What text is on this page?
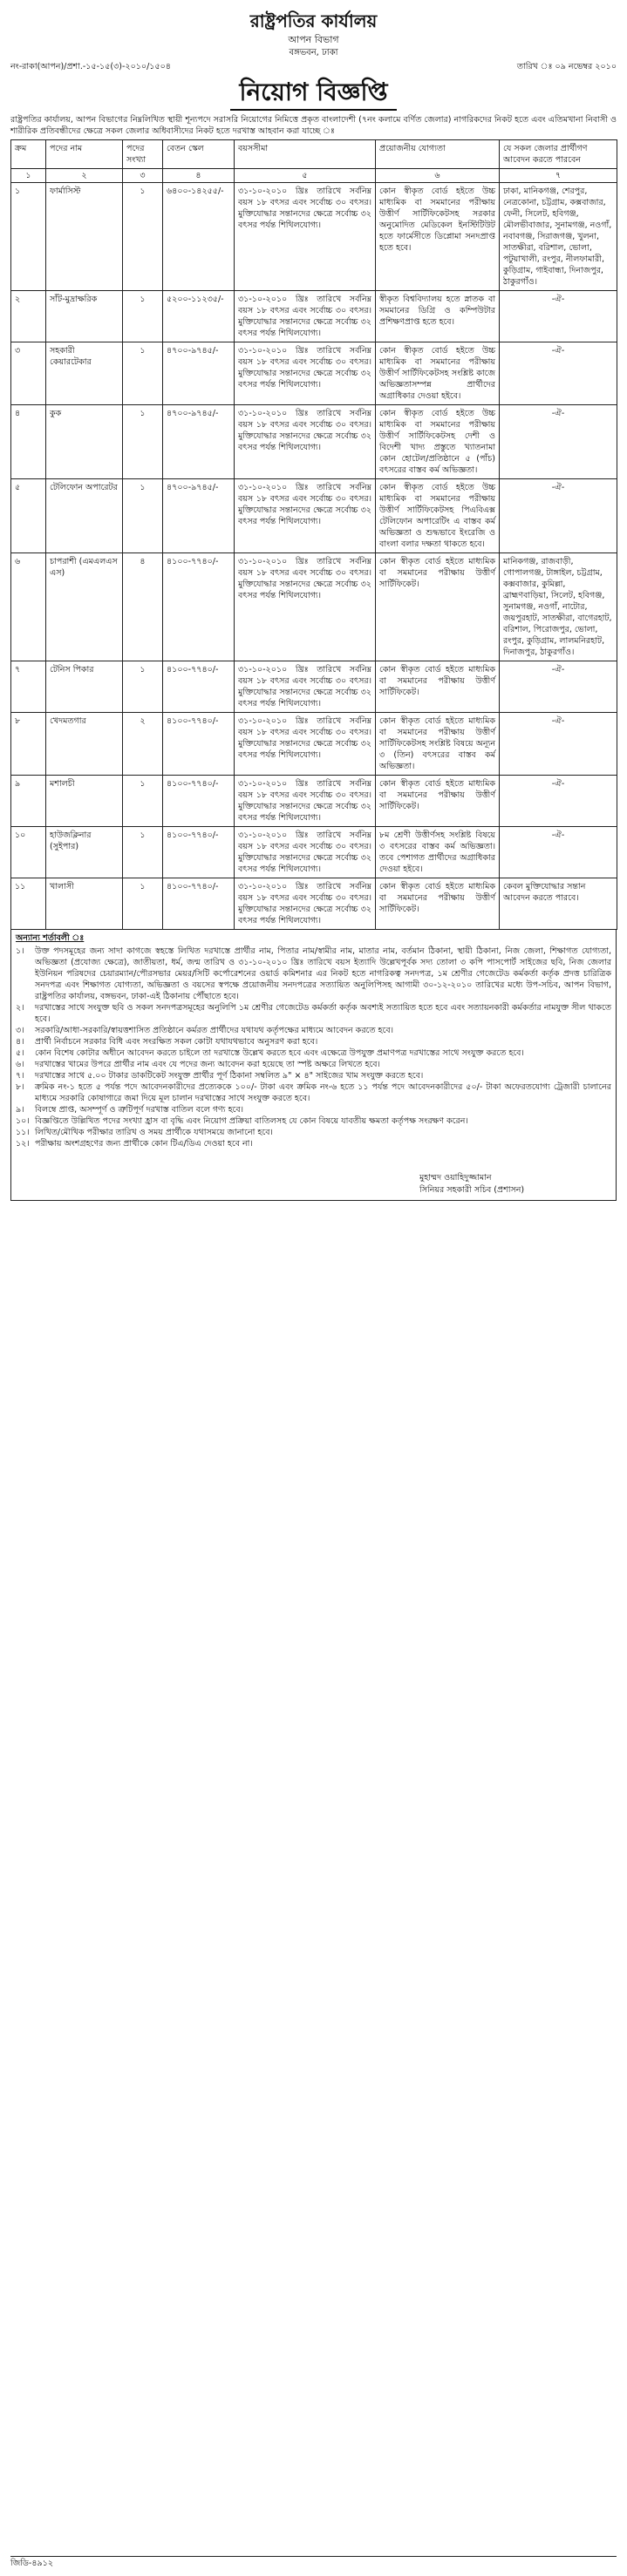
রাষ্ট্রপতির কার্যালয়
আপন বিভাগ
বঙ্গভবন, ঢাকা
নং-রাকা(আপন)/প্রশা.-১৫-১৫(৩)-২০১০/১৫০৪	তারিখ ঃ ০৯ নভেম্বর ২০১০
নিয়োগ বিজ্ঞপ্তি
রাষ্ট্রপতির কার্যালয়, আপন বিভাগের নিম্নলিখিত স্থায়ী শূন্যপদে সরাসরি নিয়োগের নিমিত্তে প্রকৃত বাংলাদেশী (৭নং কলামে বর্ণিত জেলার) নাগরিকদের নিকট হতে এবং এতিমখানা নিবাসী ও শারীরিক প্রতিবন্ধীদের ক্ষেত্রে সকল জেলার অধিবাসীদের নিকট হতে দরখাস্ত আহবান করা যাচ্ছে ঃ
ক্রম	পদের নাম	পদের সংখ্যা	বেতন স্কেল	বয়সসীমা	প্রয়োজনীয় যোগ্যতা	যে সকল জেলার প্রার্থীগণ আবেদন করতে পারবেন
১	২	৩	৪	৫	৬	৭
১	ফার্মাসিস্ট	১	৬৪০০-১৪২৫৫/-	৩১-১০-২০১০ খ্রিঃ তারিখে সর্বনিম্ন বয়স ১৮ বৎসর এবং সর্বোচ্চ ৩০ বৎসর। মুক্তিযোদ্ধার সন্তানদের ক্ষেত্রে সর্বোচ্চ ৩২ বৎসর পর্যন্ত শিথিলযোগ্য।	কোন স্বীকৃত বোর্ড হইতে উচ্চ মাধ্যমিক বা সমমানের পরীক্ষায় উত্তীর্ণ সার্টিফিকেটসহ সরকার অনুমোদিত মেডিকেল ইনস্টিটিউট হতে ফার্মেসীতে ডিপ্লোমা সনদপ্রাপ্ত হতে হবে।	ঢাকা, মানিকগঞ্জ, শেরপুর, নেত্রকোনা, চট্টগ্রাম, কক্সবাজার, ফেনী, সিলেট, হবিগঞ্জ, মৌলভীবাজার, সুনামগঞ্জ, নওগাঁ, নবাবগঞ্জ, সিরাজগঞ্জ, খুলনা, সাতক্ষীরা, বরিশাল, ভোলা, পটুয়াখালী, রংপুর, নীলফামারী, কুড়িগ্রাম, গাইবান্ধা, দিনাজপুর, ঠাকুরগাঁও।
২	সাঁট-মুদ্রাক্ষরিক	১	৫২০০-১১২৩৫/-	৩১-১০-২০১০ খ্রিঃ তারিখে সর্বনিম্ন বয়স ১৮ বৎসর এবং সর্বোচ্চ ৩০ বৎসর। মুক্তিযোদ্ধার সন্তানদের ক্ষেত্রে সর্বোচ্চ ৩২ বৎসর পর্যন্ত শিথিলযোগ্য।	স্বীকৃত বিশ্ববিদ্যালয় হতে স্নাতক বা সমমানের ডিগ্রি ও কম্পিউটার প্রশিক্ষণপ্রাপ্ত হতে হবে।	-ঐ-
৩	সহকারী কেয়ারটেকার	১	৪৭০০-৯৭৪৫/-	৩১-১০-২০১০ খ্রিঃ তারিখে সর্বনিম্ন বয়স ১৮ বৎসর এবং সর্বোচ্চ ৩০ বৎসর। মুক্তিযোদ্ধার সন্তানদের ক্ষেত্রে সর্বোচ্চ ৩২ বৎসর পর্যন্ত শিথিলযোগ্য।	কোন স্বীকৃত বোর্ড হইতে উচ্চ মাধ্যমিক বা সমমানের পরীক্ষায় উত্তীর্ণ সার্টিফিকেটসহ সংশ্লিষ্ট কাজে অভিজ্ঞতাসম্পন্ন প্রার্থীদের অগ্রাধিকার দেওয়া হইবে।	-ঐ-
৪	কুক	১	৪৭০০-৯৭৪৫/-	৩১-১০-২০১০ খ্রিঃ তারিখে সর্বনিম্ন বয়স ১৮ বৎসর এবং সর্বোচ্চ ৩০ বৎসর। মুক্তিযোদ্ধার সন্তানদের ক্ষেত্রে সর্বোচ্চ ৩২ বৎসর পর্যন্ত শিথিলযোগ্য।	কোন স্বীকৃত বোর্ড হইতে উচ্চ মাধ্যমিক বা সমমানের পরীক্ষায় উত্তীর্ণ সার্টিফিকেটসহ দেশী ও বিদেশী খাদ্য প্রস্তুতে খ্যাতনামা কোন হোটেল/প্রতিষ্ঠানে ৫ (পাঁচ) বৎসরের বাস্তব কর্ম অভিজ্ঞতা।	-ঐ-
৫	টেলিফোন অপারেটর	১	৪৭০০-৯৭৪৫/-	৩১-১০-২০১০ খ্রিঃ তারিখে সর্বনিম্ন বয়স ১৮ বৎসর এবং সর্বোচ্চ ৩০ বৎসর। মুক্তিযোদ্ধার সন্তানদের ক্ষেত্রে সর্বোচ্চ ৩২ বৎসর পর্যন্ত শিথিলযোগ্য।	কোন স্বীকৃত বোর্ড হইতে উচ্চ মাধ্যমিক বা সমমানের পরীক্ষায় উত্তীর্ণ সার্টিফিকেটসহ পিএবিএক্স টেলিফোন অপারেটিং এ বাস্তব কর্ম অভিজ্ঞতা ও শুদ্ধভাবে ইংরেজি ও বাংলা বলার দক্ষতা থাকতে হবে।	-ঐ-
৬	চাপরাশী (এমএলএস এস)	৪	৪১০০-৭৭৪০/-	৩১-১০-২০১০ খ্রিঃ তারিখে সর্বনিম্ন বয়স ১৮ বৎসর এবং সর্বোচ্চ ৩০ বৎসর। মুক্তিযোদ্ধার সন্তানদের ক্ষেত্রে সর্বোচ্চ ৩২ বৎসর পর্যন্ত শিথিলযোগ্য।	কোন স্বীকৃত বোর্ড হইতে মাধ্যমিক বা সমমানের পরীক্ষায় উত্তীর্ণ সার্টিফিকেট।	মানিকগঞ্জ, রাজবাড়ী, গোপালগঞ্জ, টাঙ্গাইল, চট্টগ্রাম, কক্সবাজার, কুমিল্লা, ব্রাহ্মণবাড়িয়া, সিলেট, হবিগঞ্জ, সুনামগঞ্জ, নওগাঁ, নাটোর, জয়পুরহাট, সাতক্ষীরা, বাগেরহাট, বরিশাল, পিরোজপুর, ভোলা, রংপুর, কুড়িগ্রাম, লালমনিরহাট, দিনাজপুর, ঠাকুরগাঁও।
৭	টেনিস পিকার	১	৪১০০-৭৭৪০/-	৩১-১০-২০১০ খ্রিঃ তারিখে সর্বনিম্ন বয়স ১৮ বৎসর এবং সর্বোচ্চ ৩০ বৎসর। মুক্তিযোদ্ধার সন্তানদের ক্ষেত্রে সর্বোচ্চ ৩২ বৎসর পর্যন্ত শিথিলযোগ্য।	কোন স্বীকৃত বোর্ড হইতে মাধ্যমিক বা সমমানের পরীক্ষায় উত্তীর্ণ সার্টিফিকেট।	-ঐ-
৮	খেদমতগার	২	৪১০০-৭৭৪০/-	৩১-১০-২০১০ খ্রিঃ তারিখে সর্বনিম্ন বয়স ১৮ বৎসর এবং সর্বোচ্চ ৩০ বৎসর। মুক্তিযোদ্ধার সন্তানদের ক্ষেত্রে সর্বোচ্চ ৩২ বৎসর পর্যন্ত শিথিলযোগ্য।	কোন স্বীকৃত বোর্ড হইতে মাধ্যমিক বা সমমানের পরীক্ষায় উত্তীর্ণ সার্টিফিকেটসহ সংশ্লিষ্ট বিষয়ে অন্যূন ৩ (তিন) বৎসরের বাস্তব কর্ম অভিজ্ঞতা।	-ঐ-
৯	মশালচী	১	৪১০০-৭৭৪০/-	৩১-১০-২০১০ খ্রিঃ তারিখে সর্বনিম্ন বয়স ১৮ বৎসর এবং সর্বোচ্চ ৩০ বৎসর। মুক্তিযোদ্ধার সন্তানদের ক্ষেত্রে সর্বোচ্চ ৩২ বৎসর পর্যন্ত শিথিলযোগ্য।	কোন স্বীকৃত বোর্ড হইতে মাধ্যমিক বা সমমানের পরীক্ষায় উত্তীর্ণ সার্টিফিকেট।	-ঐ-
১০	হাউজক্লিনার (সুইপার)	১	৪১০০-৭৭৪০/-	৩১-১০-২০১০ খ্রিঃ তারিখে সর্বনিম্ন বয়স ১৮ বৎসর এবং সর্বোচ্চ ৩০ বৎসর। মুক্তিযোদ্ধার সন্তানদের ক্ষেত্রে সর্বোচ্চ ৩২ বৎসর পর্যন্ত শিথিলযোগ্য।	৮ম শ্রেণী উত্তীর্ণসহ সংশ্লিষ্ট বিষয়ে ৩ বৎসরের বাস্তব কর্ম অভিজ্ঞতা। তবে পেশাগত প্রার্থীদের অগ্রাধিকার দেওয়া হইবে।	-ঐ-
১১	খালাসী	১	৪১০০-৭৭৪০/-	৩১-১০-২০১০ খ্রিঃ তারিখে সর্বনিম্ন বয়স ১৮ বৎসর এবং সর্বোচ্চ ৩০ বৎসর। মুক্তিযোদ্ধার সন্তানদের ক্ষেত্রে সর্বোচ্চ ৩২ বৎসর পর্যন্ত শিথিলযোগ্য।	কোন স্বীকৃত বোর্ড হইতে মাধ্যমিক বা সমমানের পরীক্ষায় উত্তীর্ণ সার্টিফিকেট।	কেবল মুক্তিযোদ্ধার সন্তান আবেদন করতে পারবে।
অন্যান্য শর্তাবলী ঃ
১।	উক্ত পদসমূহের জন্য সাদা কাগজে স্বহস্তে লিখিত দরখাস্তে প্রার্থীর নাম, পিতার নাম/স্বামীর নাম, মাতার নাম, বর্তমান ঠিকানা, স্থায়ী ঠিকানা, নিজ জেলা, শিক্ষাগত যোগ্যতা, অভিজ্ঞতা (প্রযোজ্য ক্ষেত্রে), জাতীয়তা, ধর্ম, জন্ম তারিখ ও ৩১-১০-২০১০ খ্রিঃ তারিখে বয়স ইত্যাদি উল্লেখপূর্বক সদ্য তোলা ৩ কপি পাসপোর্ট সাইজের ছবি, নিজ জেলার ইউনিয়ন পরিষদের চেয়ারম্যান/পৌরসভার মেয়র/সিটি কর্পোরেশনের ওয়ার্ড কমিশনার এর নিকট হতে নাগরিকত্ব সনদপত্র, ১ম শ্রেণীর গেজেটেড কর্মকর্তা কর্তৃক প্রদত্ত চারিত্রিক সনদপত্র এবং শিক্ষাগত যোগ্যতা, অভিজ্ঞতা ও বয়সের স্বপক্ষে প্রয়োজনীয় সনদপত্রের সত্যায়িত অনুলিপিসহ আগামী ৩০-১২-২০১০ তারিখের মধ্যে উপ-সচিব, আপন বিভাগ, রাষ্ট্রপতির কার্যালয়, বঙ্গভবন, ঢাকা-এই ঠিকানায় পৌঁছাতে হবে।
২।	দরখাস্তের সাথে সংযুক্ত ছবি ও সকল সনদপত্রসমূহের অনুলিপি ১ম শ্রেণীর গেজেটেড কর্মকর্তা কর্তৃক অবশ্যই সত্যায়িত হতে হবে এবং সত্যায়নকারী কর্মকর্তার নামযুক্ত সীল থাকতে হবে।
৩।	সরকারি/আধা-সরকারি/স্বায়ত্তশাসিত প্রতিষ্ঠানে কর্মরত প্রার্থীদের যথাযথ কর্তৃপক্ষের মাধ্যমে আবেদন করতে হবে।
৪।	প্রার্থী নির্বাচনে সরকার বিধি এবং সংরক্ষিত সকল কোটা যথাযথভাবে অনুসরণ করা হবে।
৫।	কোন বিশেষ কোটার অধীনে আবেদন করতে চাইলে তা দরখাস্তে উল্লেখ করতে হবে এবং এক্ষেত্রে উপযুক্ত প্রমাণপত্র দরখাস্তের সাথে সংযুক্ত করতে হবে।
৬।	দরখাস্তের খামের উপরে প্রার্থীর নাম এবং যে পদের জন্য আবেদন করা হয়েছে তা স্পষ্ট অক্ষরে লিখতে হবে।
৭।	দরখাস্তের সাথে ৫.০০ টাকার ডাকটিকেট সংযুক্ত প্রার্থীর পূর্ণ ঠিকানা সম্বলিত ৯" × ৪" সাইজের খাম সংযুক্ত করতে হবে।
৮।	ক্রমিক নং-১ হতে ৫ পর্যন্ত পদে আবেদনকারীদের প্রত্যেককে ১০০/- টাকা এবং ক্রমিক নং-৬ হতে ১১ পর্যন্ত পদে আবেদনকারীদের ৫০/- টাকা অফেরতযোগ্য ট্রেজারী চালানের মাধ্যমে সরকারি কোষাগারে জমা দিয়ে মূল চালান দরখাস্তের সাথে সংযুক্ত করতে হবে।
৯।	বিলম্বে প্রাপ্ত, অসম্পূর্ণ ও ত্রুটিপূর্ণ দরখাস্ত বাতিল বলে গণ্য হবে।
১০। বিজ্ঞপ্তিতে উল্লিখিত পদের সংখ্যা হ্রাস বা বৃদ্ধি এবং নিয়োগ প্রক্রিয়া বাতিলসহ যে কোন বিষয়ে যাবতীয় ক্ষমতা কর্তৃপক্ষ সংরক্ষণ করেন।
১১। লিখিত/মৌখিক পরীক্ষার তারিখ ও সময় প্রার্থীকে যথাসময়ে জানানো হবে।
১২। পরীক্ষায় অংশগ্রহণের জন্য প্রার্থীকে কোন টিএ/ডিএ দেওয়া হবে না।
মুহাম্মদ ওয়াহিদুজ্জামান
সিনিয়র সহকারী সচিব (প্রশাসন)
জিডি-৪৯১২
